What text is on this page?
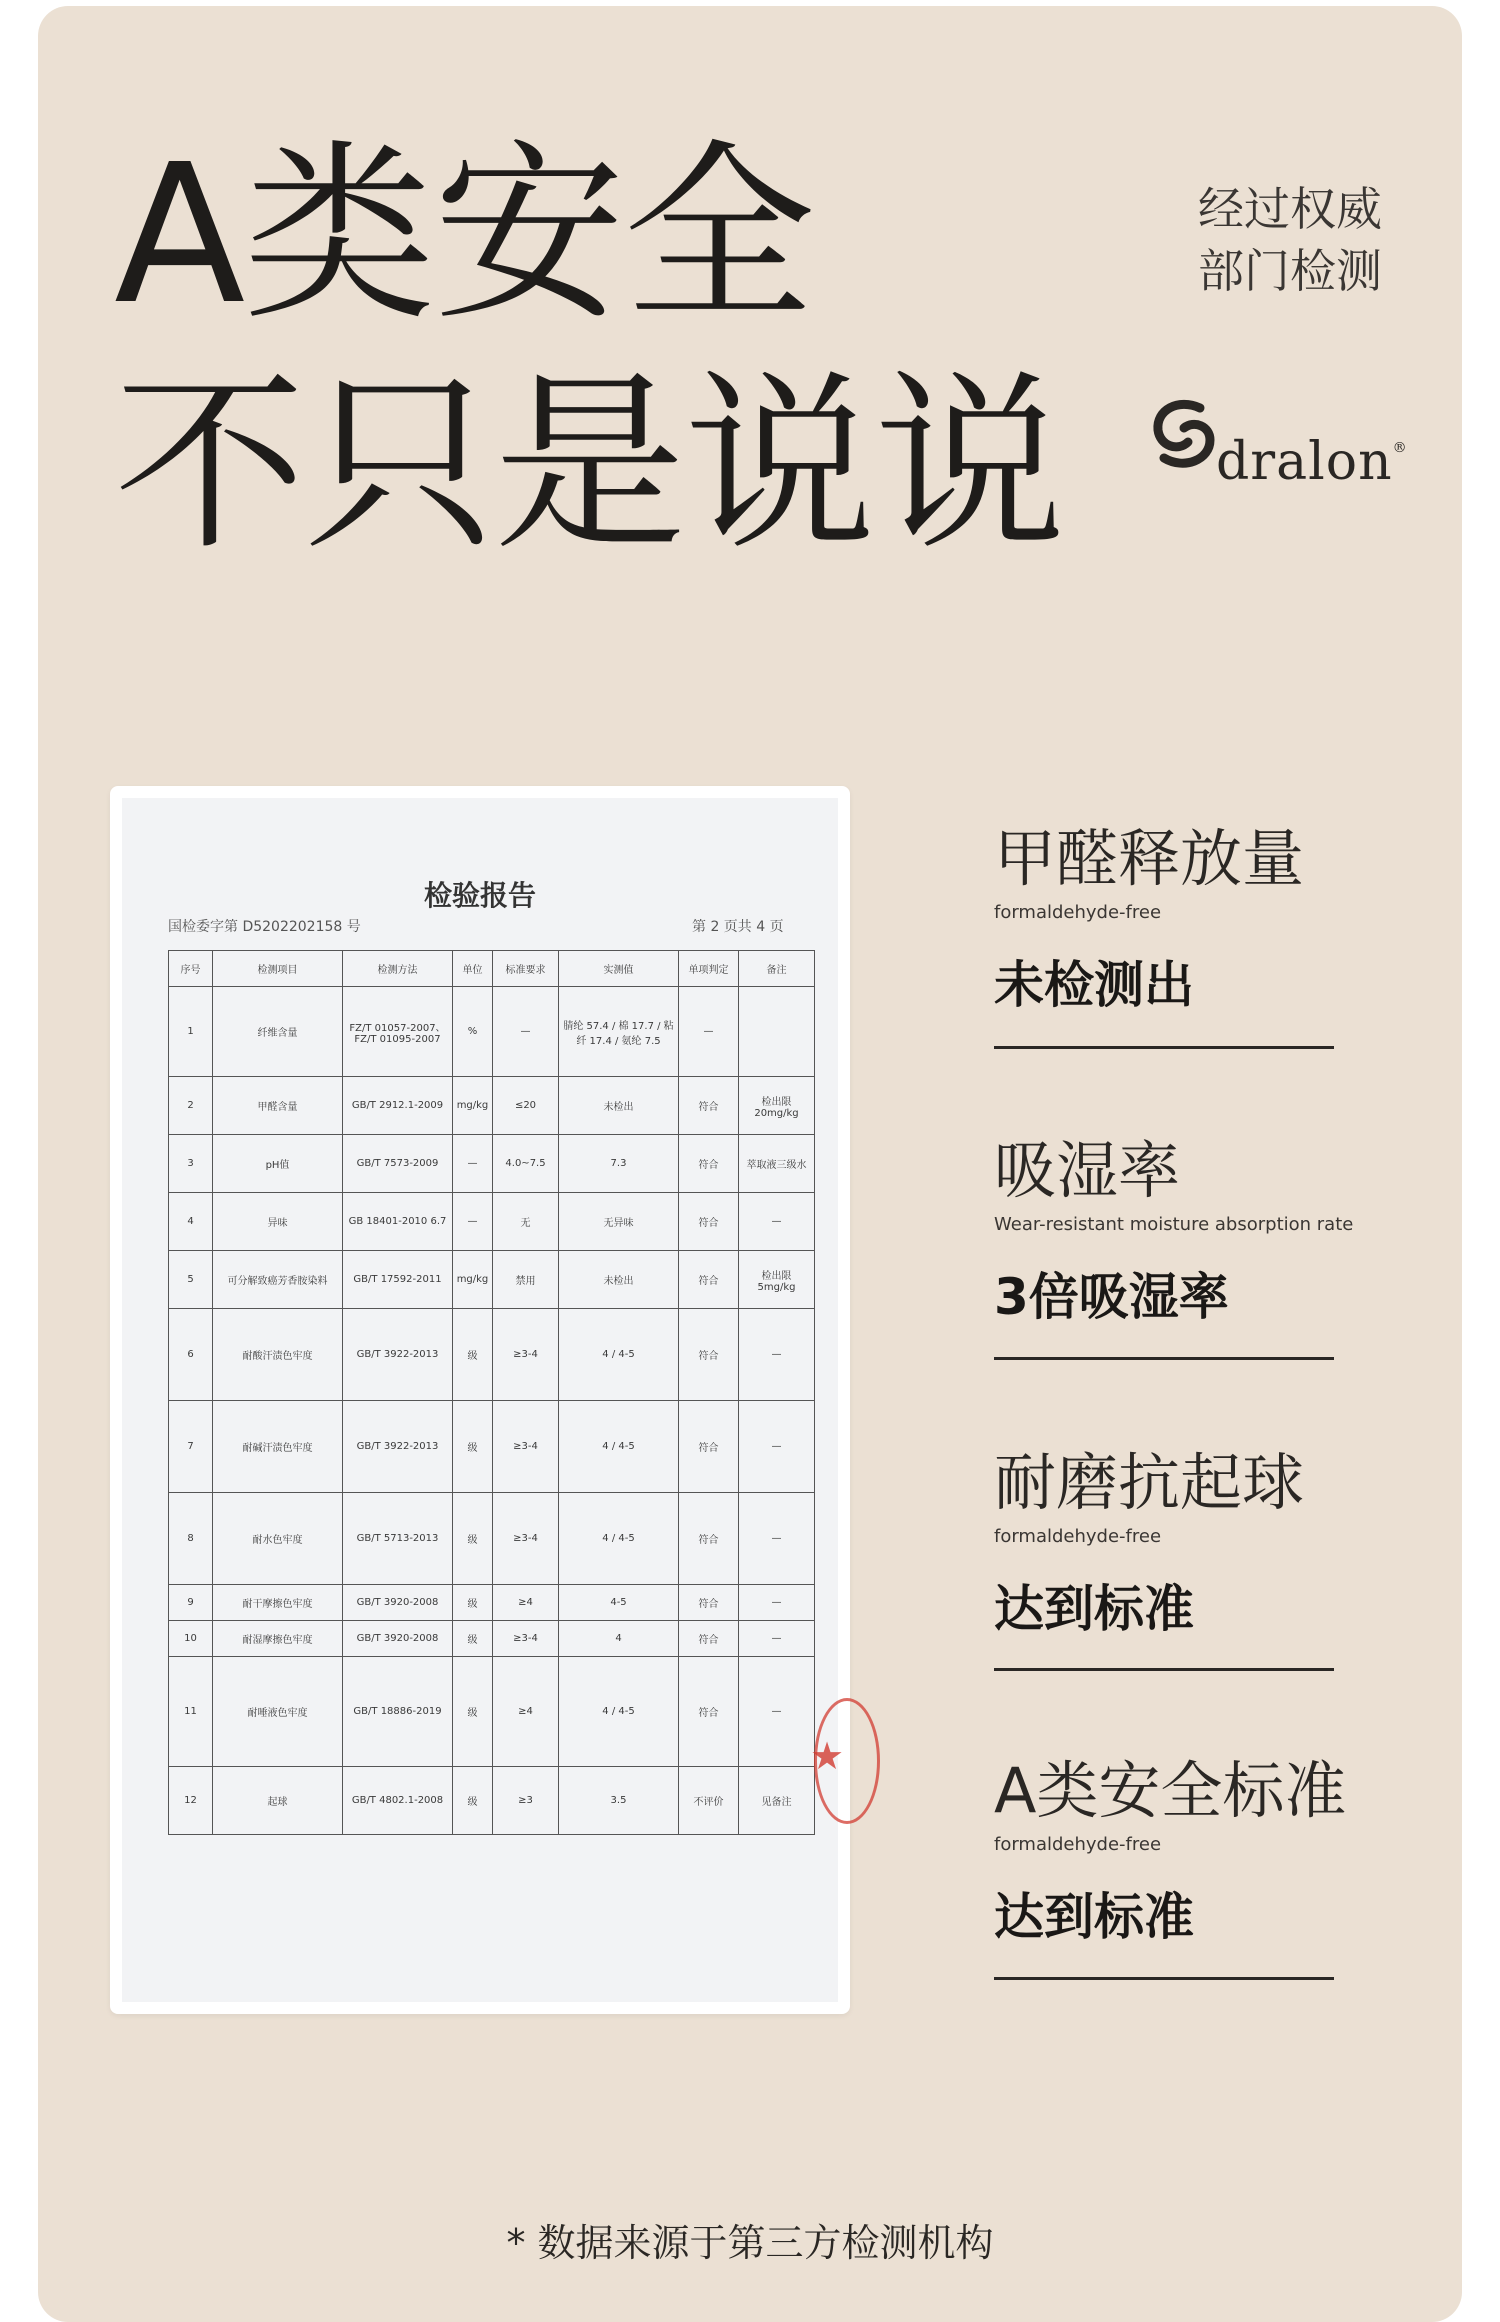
A类安全
不只是说说
经过权威
部门检测
dralon®
检验报告
国检委字第 D5202202158 号	第 2 页共 4 页
序号	检测项目	检测方法	单位	标准要求	实测值	单项判定	备注
1	纤维含量	FZ/T 01057-2007、FZ/T 01095-2007	%	—	腈纶 57.4 / 棉 17.7 / 粘纤 17.4 / 氨纶 7.5	—	
2	甲醛含量	GB/T 2912.1-2009	mg/kg	≤20	未检出	符合	检出限 20mg/kg
3	pH值	GB/T 7573-2009	—	4.0~7.5	7.3	符合	萃取液三级水
4	异味	GB 18401-2010 6.7	—	无	无异味	符合	—
5	可分解致癌芳香胺染料	GB/T 17592-2011	mg/kg	禁用	未检出	符合	检出限 5mg/kg
6	耐酸汗渍色牢度	GB/T 3922-2013	级	≥3-4	4 / 4-5	符合	—
7	耐碱汗渍色牢度	GB/T 3922-2013	级	≥3-4	4 / 4-5	符合	—
8	耐水色牢度	GB/T 5713-2013	级	≥3-4	4 / 4-5	符合	—
9	耐干摩擦色牢度	GB/T 3920-2008	级	≥4	4-5	符合	—
10	耐湿摩擦色牢度	GB/T 3920-2008	级	≥3-4	4	符合	—
11	耐唾液色牢度	GB/T 18886-2019	级	≥4	4 / 4-5	符合	—
12	起球	GB/T 4802.1-2008	级	≥3	3.5	不评价	见备注
★
甲醛释放量
formaldehyde-free
未检测出
吸湿率
Wear-resistant moisture absorption rate
3倍吸湿率
耐磨抗起球
formaldehyde-free
达到标准
A类安全标准
formaldehyde-free
达到标准
* 数据来源于第三方检测机构
